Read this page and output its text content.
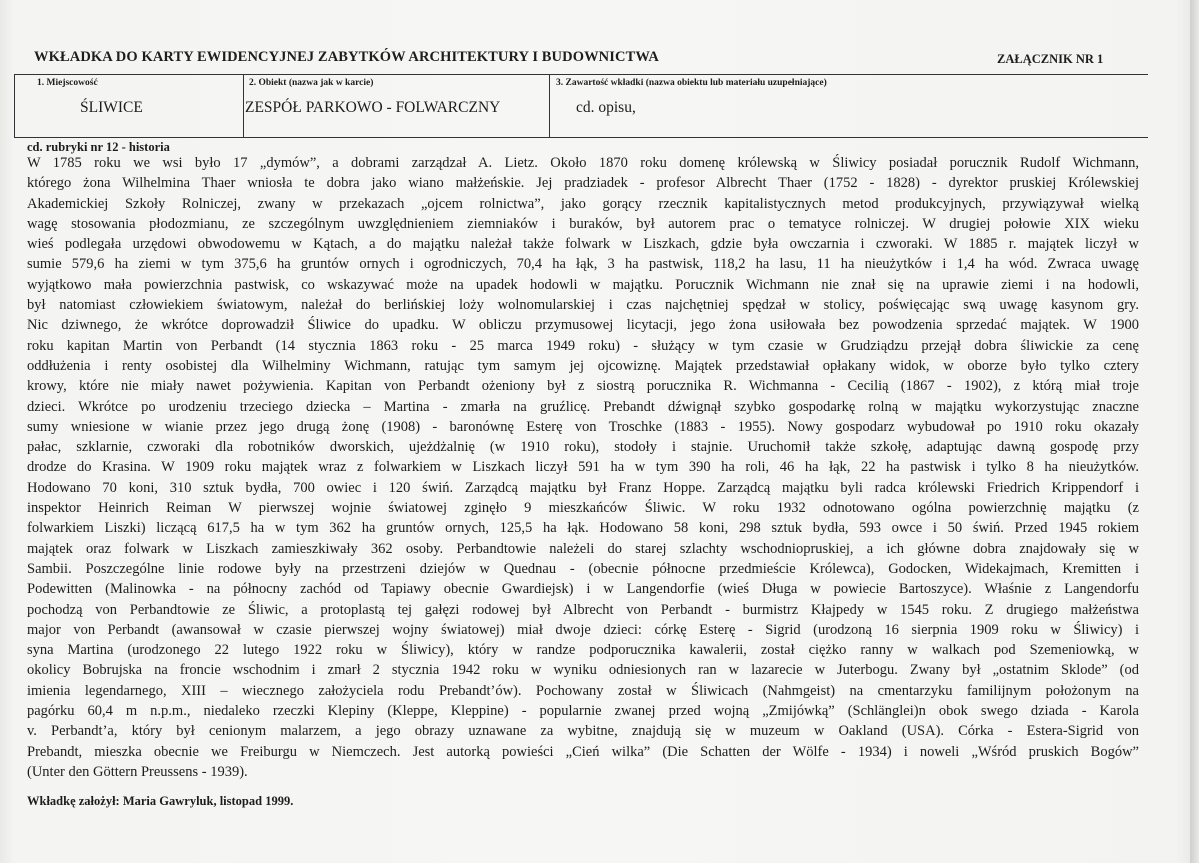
WKŁADKA DO KARTY EWIDENCYJNEJ ZABYTKÓW ARCHITEKTURY I BUDOWNICTWA	ZAŁĄCZNIK NR 1
1. Miejscowość
ŚLIWICE
2. Obiekt (nazwa jak w karcie)
ZESPÓŁ PARKOWO - FOLWARCZNY
3. Zawartość wkładki (nazwa obiektu lub materiału uzupełniające)
cd. opisu,
cd. rubryki nr 12 - historia
W 1785 roku we wsi było 17 „dymów”, a dobrami zarządzał A. Lietz. Około 1870 roku domenę królewską w Śliwicy posiadał porucznik Rudolf Wichmann,
którego żona Wilhelmina Thaer wniosła te dobra jako wiano małżeńskie. Jej pradziadek - profesor Albrecht Thaer (1752 - 1828) - dyrektor pruskiej Królewskiej
Akademickiej Szkoły Rolniczej, zwany w przekazach „ojcem rolnictwa”, jako gorący rzecznik kapitalistycznych metod produkcyjnych, przywiązywał wielką
wagę stosowania płodozmianu, ze szczególnym uwzględnieniem ziemniaków i buraków, był autorem prac o tematyce rolniczej. W drugiej połowie XIX wieku
wieś podlegała urzędowi obwodowemu w Kątach, a do majątku należał także folwark w Liszkach, gdzie była owczarnia i czworaki. W 1885 r. majątek liczył w
sumie 579,6 ha ziemi w tym 375,6 ha gruntów ornych i ogrodniczych, 70,4 ha łąk, 3 ha pastwisk, 118,2 ha lasu, 11 ha nieużytków i 1,4 ha wód. Zwraca uwagę
wyjątkowo mała powierzchnia pastwisk, co wskazywać może na upadek hodowli w majątku. Porucznik Wichmann nie znał się na uprawie ziemi i na hodowli,
był natomiast człowiekiem światowym, należał do berlińskiej loży wolnomularskiej i czas najchętniej spędzał w stolicy, poświęcając swą uwagę kasynom gry.
Nic dziwnego, że wkrótce doprowadził Śliwice do upadku. W obliczu przymusowej licytacji, jego żona usiłowała bez powodzenia sprzedać majątek. W 1900
roku kapitan Martin von Perbandt (14 stycznia 1863 roku - 25 marca 1949 roku) - służący w tym czasie w Grudziądzu przejął dobra śliwickie za cenę
oddłużenia i renty osobistej dla Wilhelminy Wichmann, ratując tym samym jej ojcowiznę. Majątek przedstawiał opłakany widok, w oborze było tylko cztery
krowy, które nie miały nawet pożywienia. Kapitan von Perbandt ożeniony był z siostrą porucznika R. Wichmanna - Cecilią (1867 - 1902), z którą miał troje
dzieci. Wkrótce po urodzeniu trzeciego dziecka – Martina - zmarła na gruźlicę. Prebandt dźwignął szybko gospodarkę rolną w majątku wykorzystując znaczne
sumy wniesione w wianie przez jego drugą żonę (1908) - baronównę Esterę von Troschke (1883 - 1955). Nowy gospodarz wybudował po 1910 roku okazały
pałac, szklarnie, czworaki dla robotników dworskich, ujeżdżalnię (w 1910 roku), stodoły i stajnie. Uruchomił także szkołę, adaptując dawną gospodę przy
drodze do Krasina. W 1909 roku majątek wraz z folwarkiem w Liszkach liczył 591 ha w tym 390 ha roli, 46 ha łąk, 22 ha pastwisk i tylko 8 ha nieużytków.
Hodowano 70 koni, 310 sztuk bydła, 700 owiec i 120 świń. Zarządcą majątku był Franz Hoppe. Zarządcą majątku byli radca królewski Friedrich Krippendorf i
inspektor Heinrich Reiman W pierwszej wojnie światowej zginęło 9 mieszkańców Śliwic. W roku 1932 odnotowano ogólna powierzchnię majątku (z
folwarkiem Liszki) liczącą 617,5 ha w tym 362 ha gruntów ornych, 125,5 ha łąk. Hodowano 58 koni, 298 sztuk bydła, 593 owce i 50 świń. Przed 1945 rokiem
majątek oraz folwark w Liszkach zamieszkiwały 362 osoby. Perbandtowie należeli do starej szlachty wschodniopruskiej, a ich główne dobra znajdowały się w
Sambii. Poszczególne linie rodowe były na przestrzeni dziejów w Quednau - (obecnie północne przedmieście Królewca), Godocken, Widekajmach, Kremitten i
Podewitten (Malinowka - na północny zachód od Tapiawy obecnie Gwardiejsk) i w Langendorfie (wieś Długa w powiecie Bartoszyce). Właśnie z Langendorfu
pochodzą von Perbandtowie ze Śliwic, a protoplastą tej gałęzi rodowej był Albrecht von Perbandt - burmistrz Kłajpedy w 1545 roku. Z drugiego małżeństwa
major von Perbandt (awansował w czasie pierwszej wojny światowej) miał dwoje dzieci: córkę Esterę - Sigrid (urodzoną 16 sierpnia 1909 roku w Śliwicy) i
syna Martina (urodzonego 22 lutego 1922 roku w Śliwicy), który w randze podporucznika kawalerii, został ciężko ranny w walkach pod Szemeniowką, w
okolicy Bobrujska na froncie wschodnim i zmarł 2 stycznia 1942 roku w wyniku odniesionych ran w lazarecie w Juterbogu. Zwany był „ostatnim Sklode” (od
imienia legendarnego, XIII – wiecznego założyciela rodu Prebandt’ów). Pochowany został w Śliwicach (Nahmgeist) na cmentarzyku familijnym położonym na
pagórku 60,4 m n.p.m., niedaleko rzeczki Klepiny (Kleppe, Kleppine) - popularnie zwanej przed wojną „Zmijówką” (Schlänglei)n obok swego dziada - Karola
v. Perbandt’a, który był cenionym malarzem, a jego obrazy uznawane za wybitne, znajdują się w muzeum w Oakland (USA). Córka - Estera-Sigrid von
Prebandt, mieszka obecnie we Freiburgu w Niemczech. Jest autorką powieści „Cień wilka” (Die Schatten der Wölfe - 1934) i noweli „Wśród pruskich Bogów”
(Unter den Göttern Preussens - 1939).
Wkładkę założył: Maria Gawryluk, listopad 1999.
